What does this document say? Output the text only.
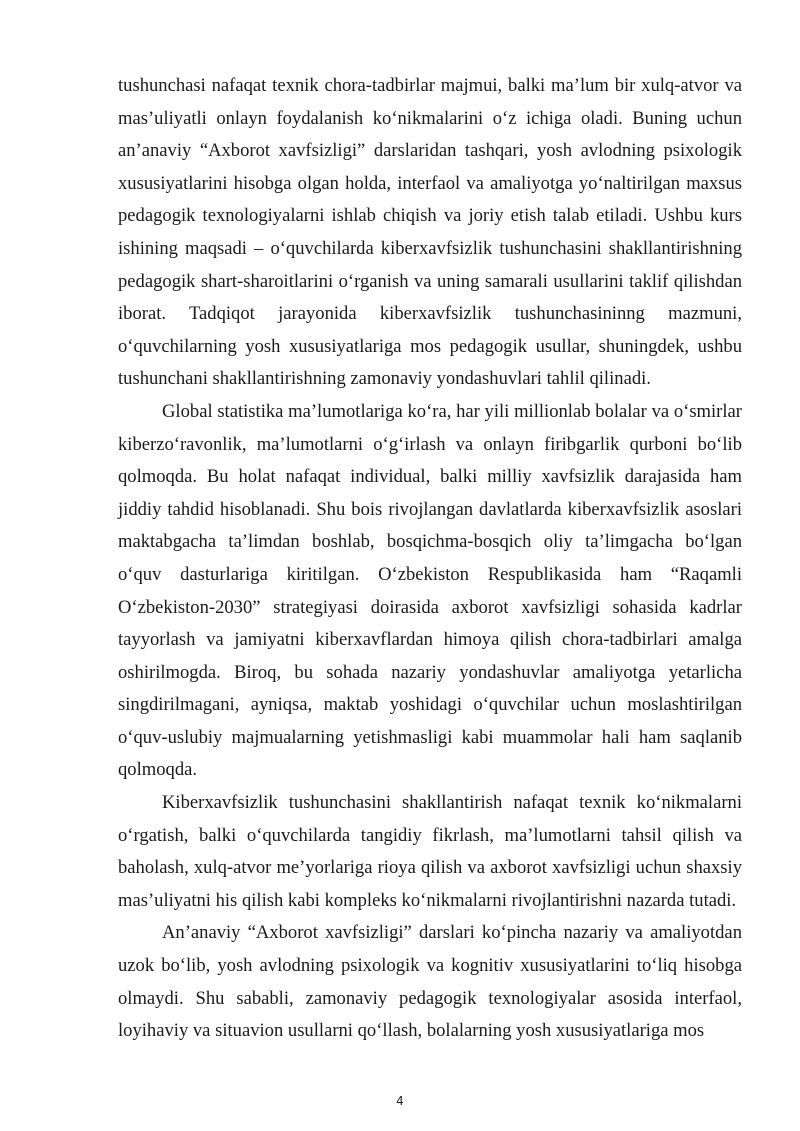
tushunchasi nafaqat texnik chora-tadbirlar majmui, balki maʼlum bir xulq-atvor va masʼuliyatli onlayn foydalanish koʻnikmalarini oʻz ichiga oladi. Buning uchun anʼanaviy “Axborot xavfsizligi” darslaridan tashqari, yosh avlodning psixologik xususiyatlarini hisobga olgan holda, interfaol va amaliyotga yoʻnaltirilgan maxsus pedagogik texnologiyalarni ishlab chiqish va joriy etish talab etiladi. Ushbu kurs ishining maqsadi – oʻquvchilarda kiberxavfsizlik tushunchasini shakllantirishning pedagogik shart-sharoitlarini oʻrganish va uning samarali usullarini taklif qilishdan iborat. Tadqiqot jarayonida kiberxavfsizlik tushunchasininng mazmuni, oʻquvchilarning yosh xususiyatlariga mos pedagogik usullar, shuningdek, ushbu tushunchani shakllantirishning zamonaviy yondashuvlari tahlil qilinadi.

Global statistika maʼlumotlariga koʻra, har yili millionlab bolalar va oʻsmirlar kiberzoʻravonlik, maʼlumotlarni oʻgʻirlash va onlayn firibgarlik qurboni boʻlib qolmoqda. Bu holat nafaqat individual, balki milliy xavfsizlik darajasida ham jiddiy tahdid hisoblanadi. Shu bois rivojlangan davlatlarda kiberxavfsizlik asoslari maktabgacha taʼlimdan boshlab, bosqichma-bosqich oliy taʼlimgacha boʻlgan oʻquv dasturlariga kiritilgan. Oʻzbekiston Respublikasida ham “Raqamli Oʻzbekiston-2030” strategiyasi doirasida axborot xavfsizligi sohasida kadrlar tayyorlash va jamiyatni kiberxavflardan himoya qilish chora-tadbirlari amalga oshirilmogda. Biroq, bu sohada nazariy yondashuvlar amaliyotga yetarlicha singdirilmagani, ayniqsa, maktab yoshidagi oʻquvchilar uchun moslashtirilgan oʻquv-uslubiy majmualarning yetishmasligi kabi muammolar hali ham saqlanib qolmoqda.

Kiberxavfsizlik tushunchasini shakllantirish nafaqat texnik koʻnikmalarni oʻrgatish, balki oʻquvchilarda tangidiy fikrlash, maʼlumotlarni tahsil qilish va baholash, xulq-atvor meʼyorlariga rioya qilish va axborot xavfsizligi uchun shaxsiy masʼuliyatni his qilish kabi kompleks koʻnikmalarni rivojlantirishni nazarda tutadi.

Anʼanaviy “Axborot xavfsizligi” darslari koʻpincha nazariy va amaliyotdan uzok boʻlib, yosh avlodning psixologik va kognitiv xususiyatlarini toʻliq hisobga olmaydi. Shu sababli, zamonaviy pedagogik texnologiyalar asosida interfaol, loyihaviy va situavion usullarni qoʻllash, bolalarning yosh xususiyatlariga mos

4
